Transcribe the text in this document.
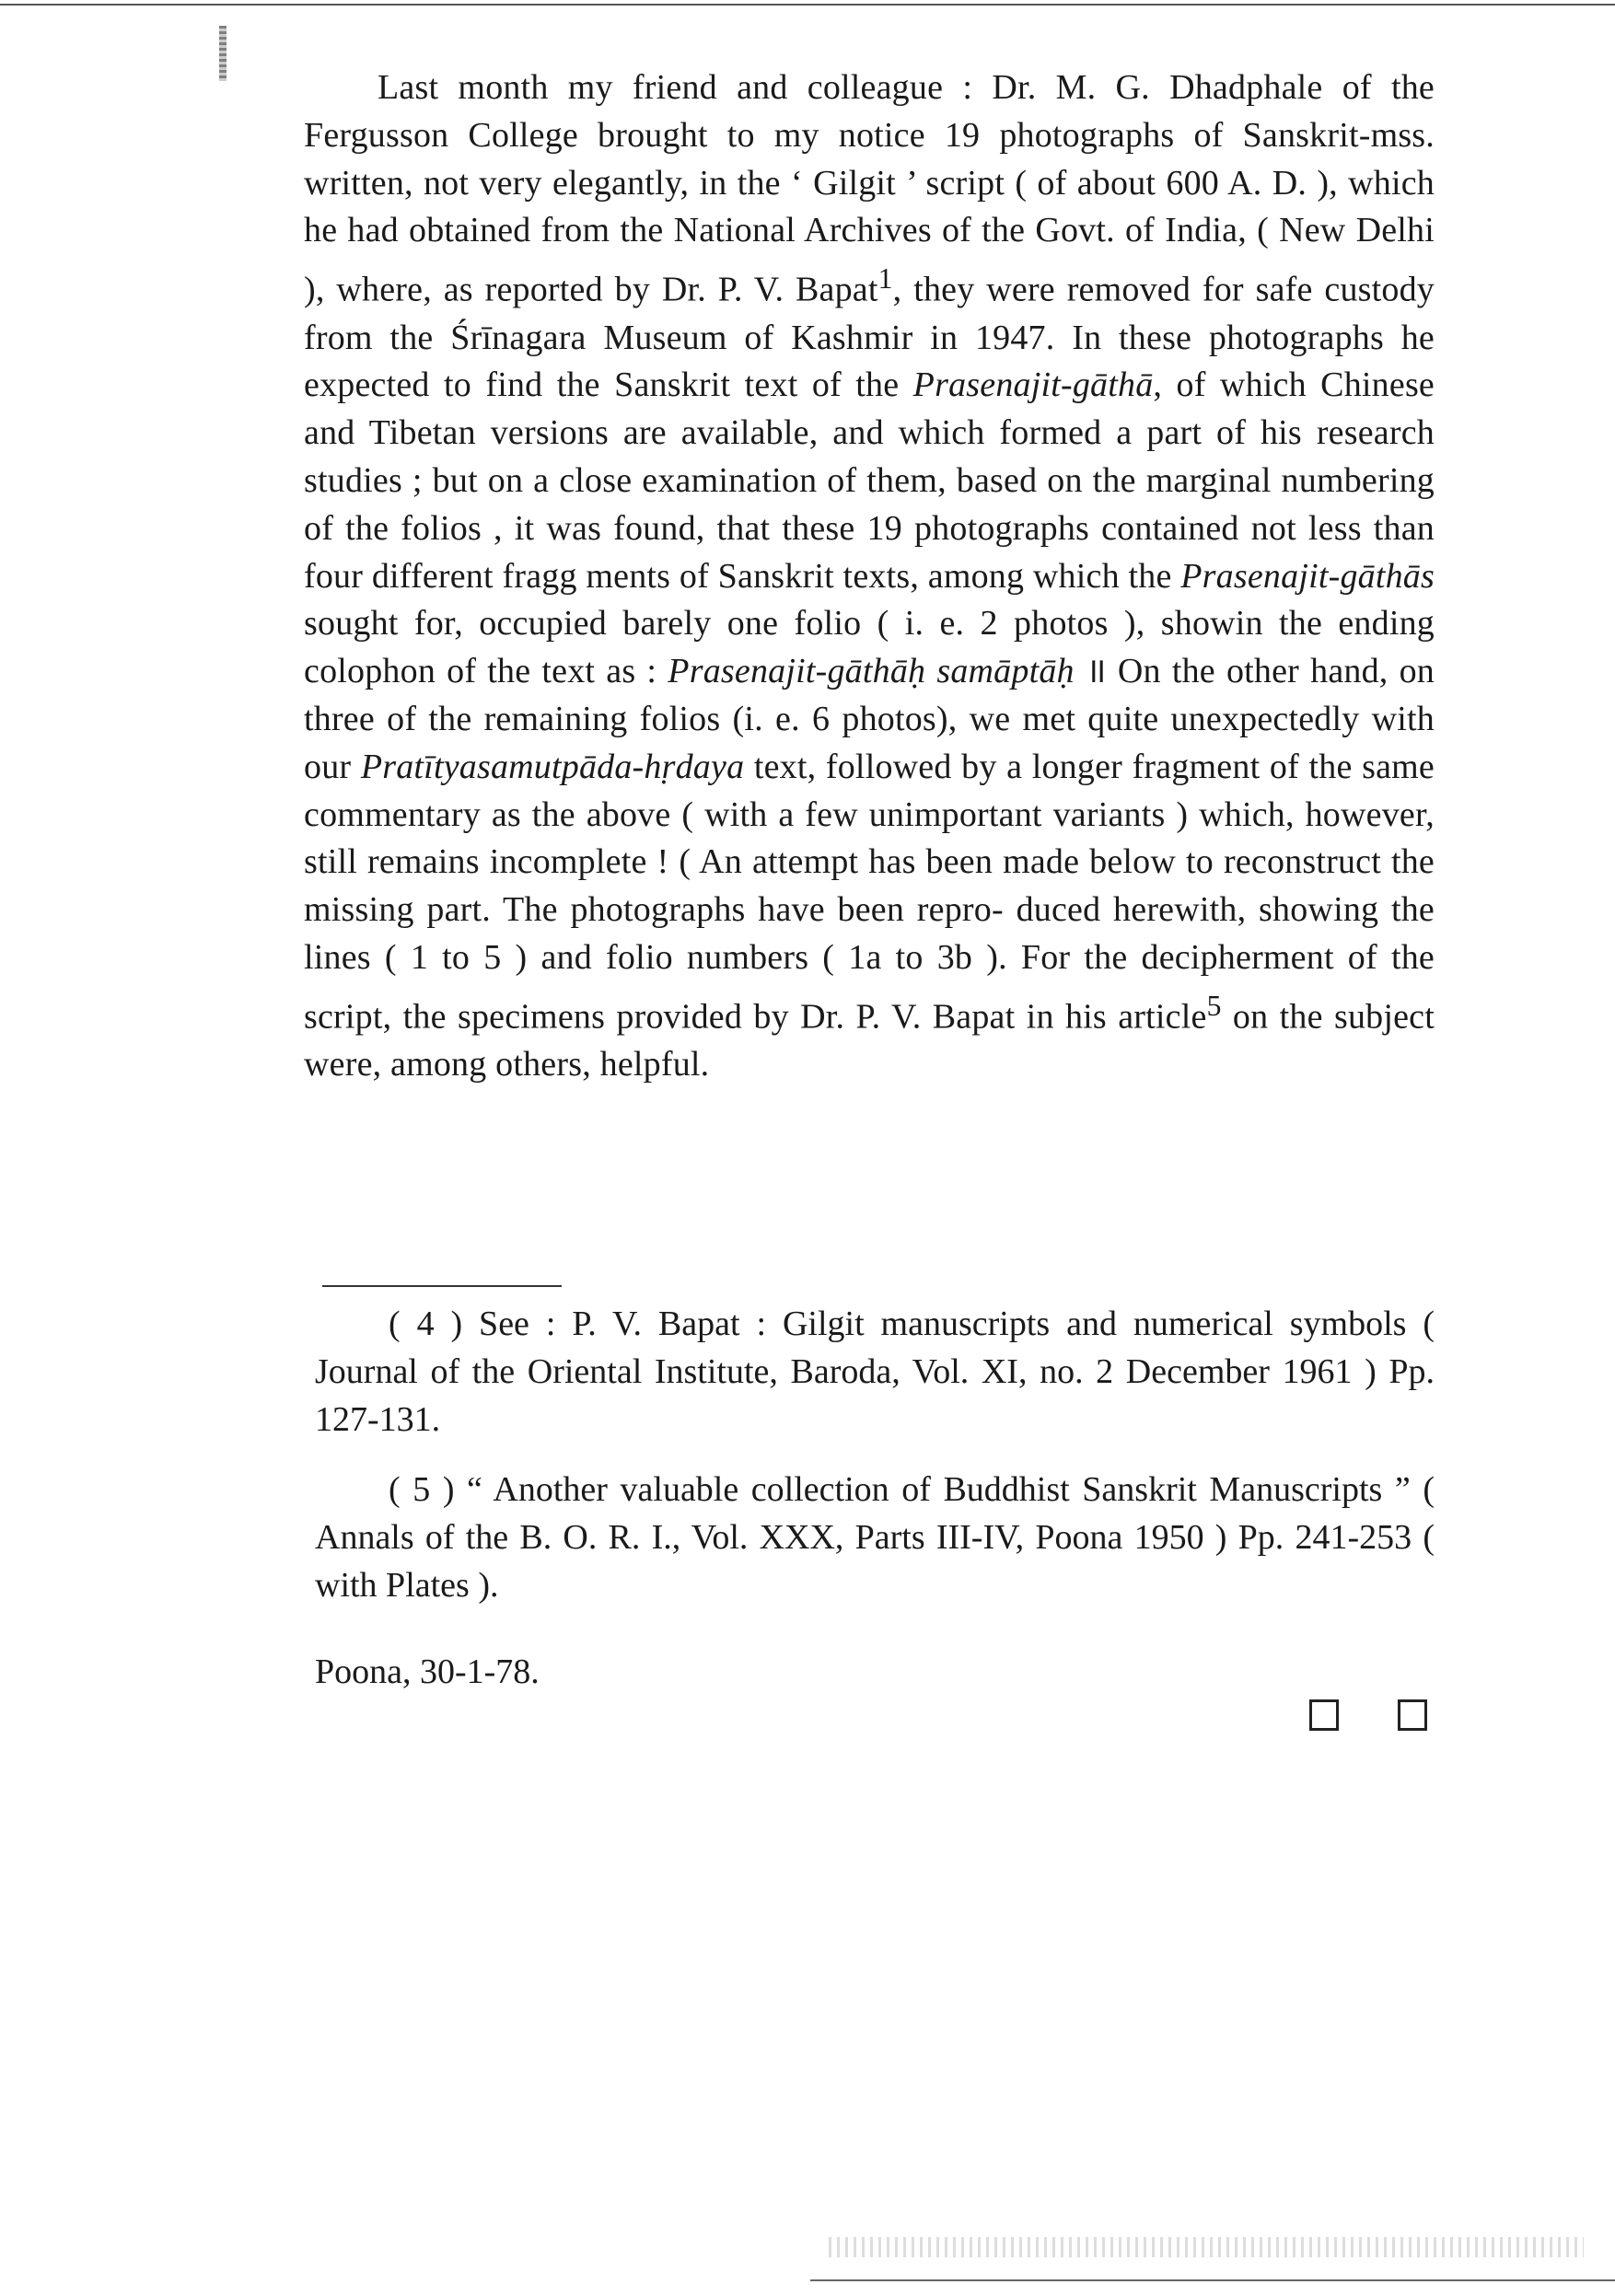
Last month my friend and colleague : Dr. M. G. Dhadphale of the Fergusson College brought to my notice 19 photographs of Sanskrit-mss. written, not very elegantly, in the ‘ Gilgit ’ script ( of about 600 A. D. ), which he had obtained from the National Archives of the Govt. of India, ( New Delhi ), where, as reported by Dr. P. V. Bapat$^1$, they were removed for safe custody from the Śrīnagara Museum of Kashmir in 1947. In these photographs he expected to find the Sanskrit text of the Prasenajit-gāthā, of which Chinese and Tibetan versions are available, and which formed a part of his research studies ; but on a close examination of them, based on the marginal numbering of the folios , it was found, that these 19 photographs contained not less than four different fragg ments of Sanskrit texts, among which the Prasenajit-gāthās sought for, occupied barely one folio ( i. e. 2 photos ), showin the ending colophon of the text as : Prasenajit-gāthāḥ samāptāḥ ॥ On the other hand, on three of the remaining folios (i. e. 6 photos), we met quite unexpectedly with our Pratītyasamutpāda-hṛdaya text, followed by a longer fragment of the same commentary as the above ( with a few unimportant variants ) which, however, still remains incomplete ! ( An attempt has been made below to reconstruct the missing part. The photographs have been repro- duced herewith, showing the lines ( 1 to 5 ) and folio numbers ( 1a to 3b ). For the decipherment of the script, the specimens provided by Dr. P. V. Bapat in his article$^5$ on the subject were, among others, helpful.

( 4 ) See : P. V. Bapat : Gilgit manuscripts and numerical symbols ( Journal of the Oriental Institute, Baroda, Vol. XI, no. 2 December 1961 ) Pp. 127-131.

( 5 ) “ Another valuable collection of Buddhist Sanskrit Manuscripts ” ( Annals of the B. O. R. I., Vol. XXX, Parts III-IV, Poona 1950 ) Pp. 241-253 ( with Plates ).

Poona, 30-1-78.
